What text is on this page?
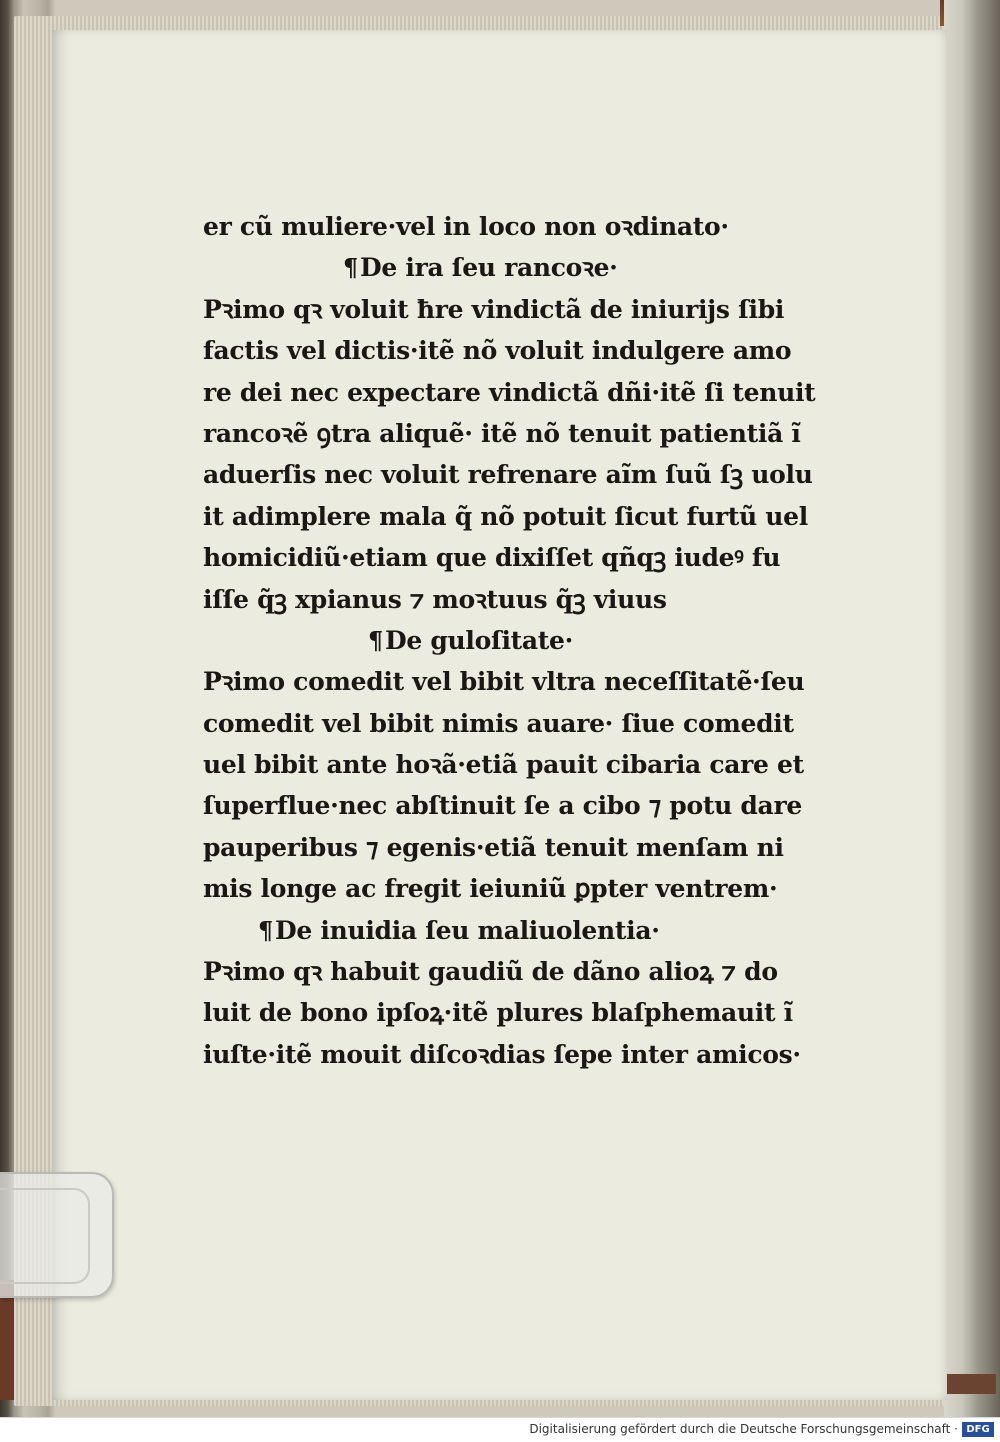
er cũ muliere·vel in loco non oꝛdinato·
¶De ira ſeu rancoꝛe·
Pꝛimo qꝛ voluit ħre vindictã de iniurijs ſibi
factis vel dictis·itẽ nõ voluit indulgere amo
re dei nec expectare vindictã dñi·itẽ ſi tenuit
rancoꝛẽ ꝯtra aliquẽ· itẽ nõ tenuit patientiã ĩ
aduerſis nec voluit refrenare aĩm ſuũ ſꝫ uolu
it adimplere mala q̃ nõ potuit ſicut furtũ uel
homicidiũ·etiam que dixiſſet qñqꝫ iudeꝰ fu
iſſe q̃ꝫ xpianus ⁊ moꝛtuus q̃ꝫ viuus
¶De guloſitate·
Pꝛimo comedit vel bibit vltra neceſſitatẽ·ſeu
comedit vel bibit nimis auare· ſiue comedit
uel bibit ante hoꝛã·etiã pauit cibaria care et
ſuperflue·nec abſtinuit ſe a cibo ⁊ potu dare
pauperibus ⁊ egenis·etiã tenuit menſam ni
mis longe ac fregit ieiuniũ ꝑpter ventrem·
¶De inuidia ſeu maliuolentia·
Pꝛimo qꝛ habuit gaudiũ de dãno alioꝝ ⁊ do
luit de bono ipſoꝝ·itẽ plures blaſphemauit ĩ
iuſte·itẽ mouit diſcoꝛdias ſepe inter amicos·
Digitalisierung gefördert durch die Deutsche Forschungsgemeinschaft · DFG
